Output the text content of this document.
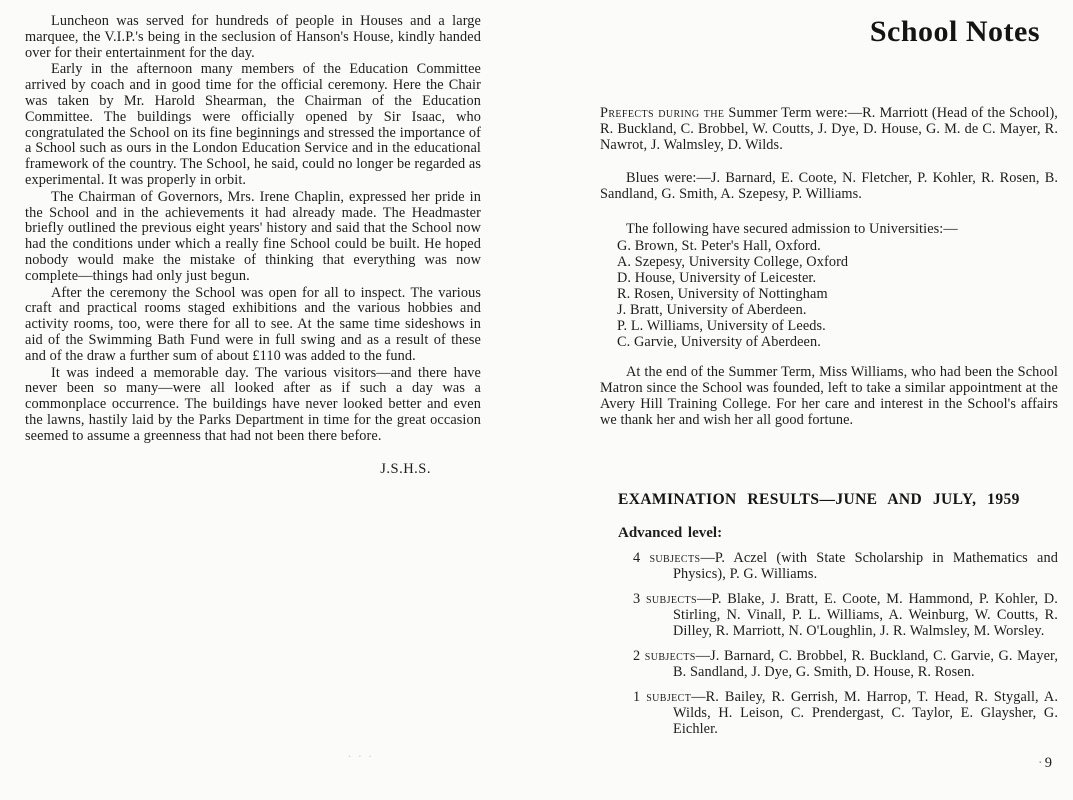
Luncheon was served for hundreds of people in Houses and a large marquee, the V.I.P.'s being in the seclusion of Hanson's House, kindly handed over for their entertainment for the day.

Early in the afternoon many members of the Education Committee arrived by coach and in good time for the official ceremony. Here the Chair was taken by Mr. Harold Shearman, the Chairman of the Education Committee. The buildings were officially opened by Sir Isaac, who congratulated the School on its fine beginnings and stressed the importance of a School such as ours in the London Education Service and in the educational framework of the country. The School, he said, could no longer be regarded as experimental. It was properly in orbit.

The Chairman of Governors, Mrs. Irene Chaplin, expressed her pride in the School and in the achievements it had already made. The Headmaster briefly outlined the previous eight years' history and said that the School now had the conditions under which a really fine School could be built. He hoped nobody would make the mistake of thinking that everything was now complete—things had only just begun.

After the ceremony the School was open for all to inspect. The various craft and practical rooms staged exhibitions and the various hobbies and activity rooms, too, were there for all to see. At the same time sideshows in aid of the Swimming Bath Fund were in full swing and as a result of these and of the draw a further sum of about £110 was added to the fund.

It was indeed a memorable day. The various visitors—and there have never been so many—were all looked after as if such a day was a commonplace occurrence. The buildings have never looked better and even the lawns, hastily laid by the Parks Department in time for the great occasion seemed to assume a greenness that had not been there before.

J.S.H.S.
...
School Notes

Prefects during the Summer Term were:—R. Marriott (Head of the School), R. Buckland, C. Brobbel, W. Coutts, J. Dye, D. House, G. M. de C. Mayer, R. Nawrot, J. Walmsley, D. Wilds.

Blues were:—J. Barnard, E. Coote, N. Fletcher, P. Kohler, R. Rosen, B. Sandland, G. Smith, A. Szepesy, P. Williams.

The following have secured admission to Universities:—

G. Brown, St. Peter's Hall, Oxford.
A. Szepesy, University College, Oxford
D. House, University of Leicester.
R. Rosen, University of Nottingham
J. Bratt, University of Aberdeen.
P. L. Williams, University of Leeds.
C. Garvie, University of Aberdeen.

At the end of the Summer Term, Miss Williams, who had been the School Matron since the School was founded, left to take a similar appointment at the Avery Hill Training College. For her care and interest in the School's affairs we thank her and wish her all good fortune.

EXAMINATION RESULTS—JUNE AND JULY, 1959
Advanced level:
4 subjects—P. Aczel (with State Scholarship in Mathematics and Physics), P. G. Williams.
3 subjects—P. Blake, J. Bratt, E. Coote, M. Hammond, P. Kohler, D. Stirling, N. Vinall, P. L. Williams, A. Weinburg, W. Coutts, R. Dilley, R. Marriott, N. O'Loughlin, J. R. Walmsley, M. Worsley.
2 subjects—J. Barnard, C. Brobbel, R. Buckland, C. Garvie, G. Mayer, B. Sandland, J. Dye, G. Smith, D. House, R. Rosen.
1 subject—R. Bailey, R. Gerrish, M. Harrop, T. Head, R. Stygall, A. Wilds, H. Leison, C. Prendergast, C. Taylor, E. Glaysher, G. Eichler.
· 9
